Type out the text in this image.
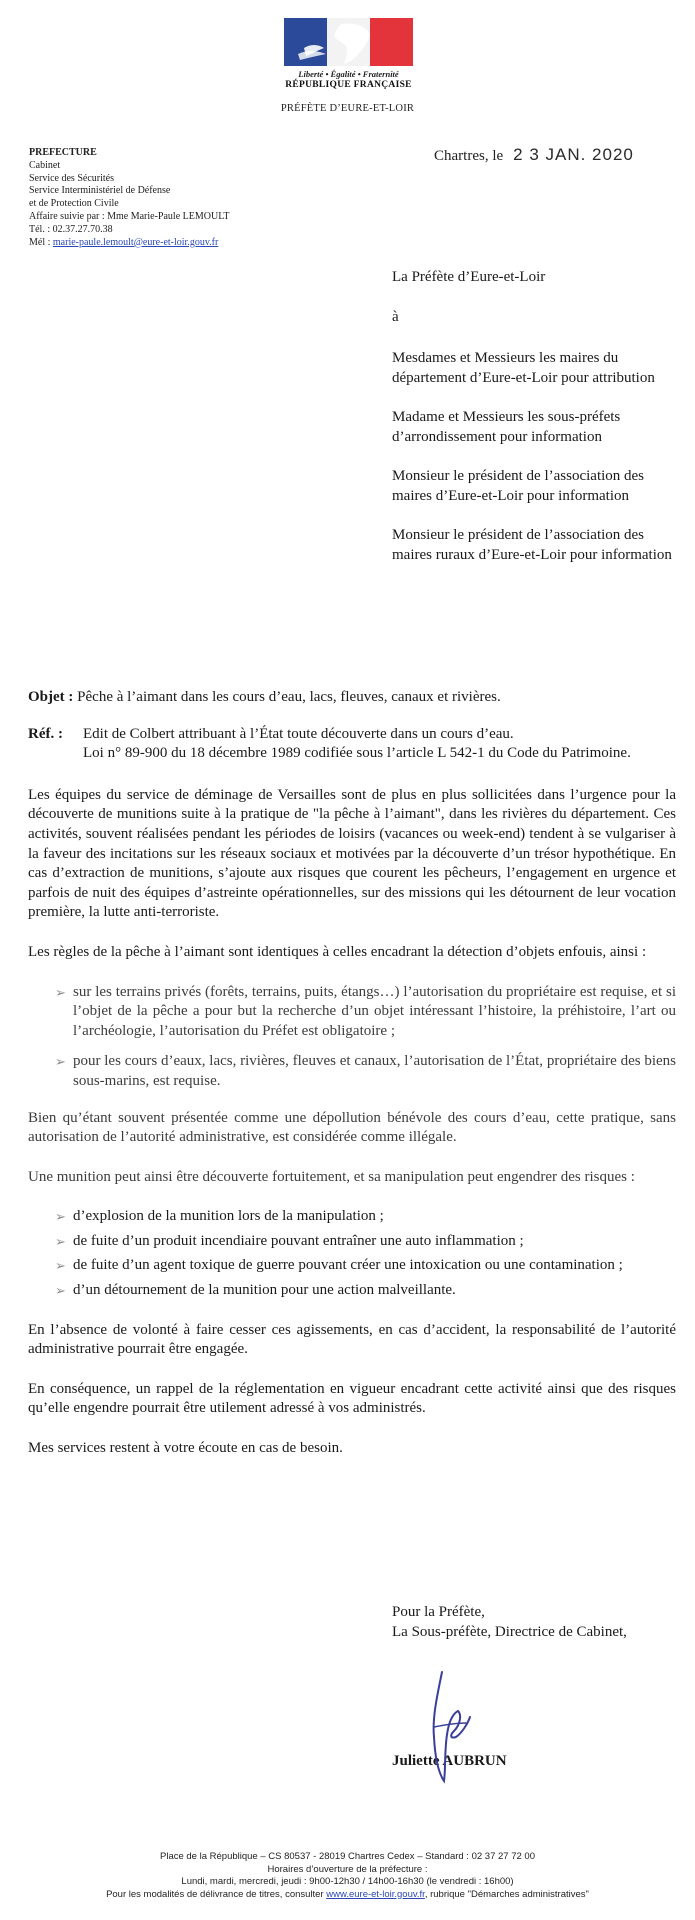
Liberté • Égalité • Fraternité
RÉPUBLIQUE FRANÇAISE
PRÉFÈTE D’EURE-ET-LOIR
PREFECTURE
Cabinet
Service des Sécurités
Service Interministériel de Défense
et de Protection Civile
Affaire suivie par : Mme Marie-Paule LEMOULT
Tél. : 02.37.27.70.38
Mél : marie-paule.lemoult@eure-et-loir.gouv.fr
Chartres, le 2 3 JAN. 2020

La Préfète d’Eure-et-Loir

à

Mesdames et Messieurs les maires du département d’Eure-et-Loir pour attribution

Madame et Messieurs les sous-préfets d’arrondissement pour information

Monsieur le président de l’association des maires d’Eure-et-Loir pour information

Monsieur le président de l’association des maires ruraux d’Eure-et-Loir pour information

Objet : Pêche à l’aimant dans les cours d’eau, lacs, fleuves, canaux et rivières.

Réf. :	Edit de Colbert attribuant à l’État toute découverte dans un cours d’eau.
Loi n° 89-900 du 18 décembre 1989 codifiée sous l’article L 542-1 du Code du Patrimoine.

Les équipes du service de déminage de Versailles sont de plus en plus sollicitées dans l’urgence pour la découverte de munitions suite à la pratique de "la pêche à l’aimant", dans les rivières du département. Ces activités, souvent réalisées pendant les périodes de loisirs (vacances ou week-end) tendent à se vulgariser à la faveur des incitations sur les réseaux sociaux et motivées par la découverte d’un trésor hypothétique. En cas d’extraction de munitions, s’ajoute aux risques que courent les pêcheurs, l’engagement en urgence et parfois de nuit des équipes d’astreinte opérationnelles, sur des missions qui les détournent de leur vocation première, la lutte anti-terroriste.

Les règles de la pêche à l’aimant sont identiques à celles encadrant la détection d’objets enfouis, ainsi :

➢ sur les terrains privés (forêts, terrains, puits, étangs…) l’autorisation du propriétaire est requise, et si l’objet de la pêche a pour but la recherche d’un objet intéressant l’histoire, la préhistoire, l’art ou l’archéologie, l’autorisation du Préfet est obligatoire ;
➢ pour les cours d’eaux, lacs, rivières, fleuves et canaux, l’autorisation de l’État, propriétaire des biens sous-marins, est requise.

Bien qu’étant souvent présentée comme une dépollution bénévole des cours d’eau, cette pratique, sans autorisation de l’autorité administrative, est considérée comme illégale.

Une munition peut ainsi être découverte fortuitement, et sa manipulation peut engendrer des risques :

➢ d’explosion de la munition lors de la manipulation ;
➢ de fuite d’un produit incendiaire pouvant entraîner une auto inflammation ;
➢ de fuite d’un agent toxique de guerre pouvant créer une intoxication ou une contamination ;
➢ d’un détournement de la munition pour une action malveillante.

En l’absence de volonté à faire cesser ces agissements, en cas d’accident, la responsabilité de l’autorité administrative pourrait être engagée.

En conséquence, un rappel de la réglementation en vigueur encadrant cette activité ainsi que des risques qu’elle engendre pourrait être utilement adressé à vos administrés.

Mes services restent à votre écoute en cas de besoin.

Pour la Préfète,
La Sous-préfète, Directrice de Cabinet,
Juliette AUBRUN
Place de la République – CS 80537 - 28019 Chartres Cedex – Standard : 02 37 27 72 00
Horaires d’ouverture de la préfecture :
Lundi, mardi, mercredi, jeudi : 9h00-12h30 / 14h00-16h30 (le vendredi : 16h00)
Pour les modalités de délivrance de titres, consulter www.eure-et-loir.gouv.fr, rubrique "Démarches administratives"
